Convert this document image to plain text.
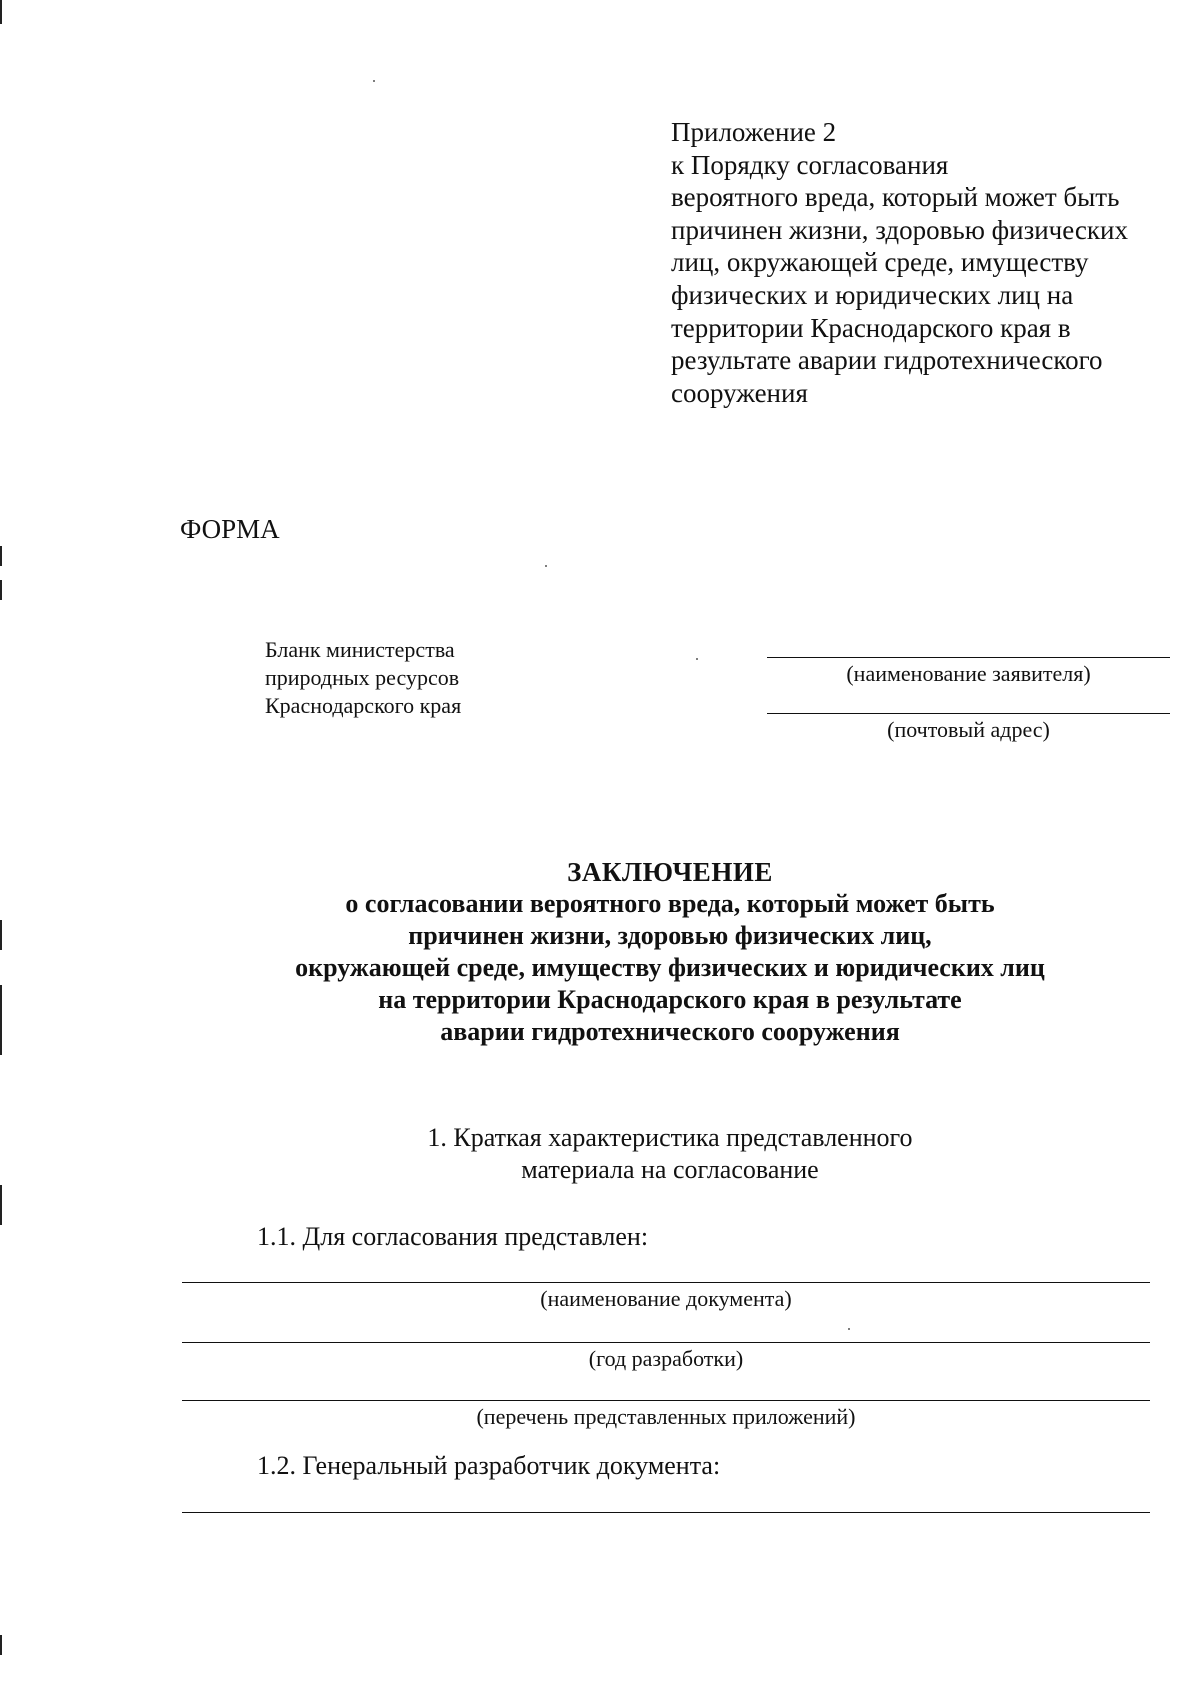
Приложение 2
к Порядку согласования
вероятного вреда, который может быть
причинен жизни, здоровью физических
лиц, окружающей среде, имуществу
физических и юридических лиц на
территории Краснодарского края в
результате аварии гидротехнического
сооружения
ФОРМА
Бланк министерства
природных ресурсов
Краснодарского края
(наименование заявителя)
(почтовый адрес)
ЗАКЛЮЧЕНИЕ
о согласовании вероятного вреда, который может быть
причинен жизни, здоровью физических лиц,
окружающей среде, имуществу физических и юридических лиц
на территории Краснодарского края в результате
аварии гидротехнического сооружения
1. Краткая характеристика представленного
материала на согласование
1.1. Для согласования представлен:
(наименование документа)
(год разработки)
(перечень представленных приложений)
1.2. Генеральный разработчик документа:
